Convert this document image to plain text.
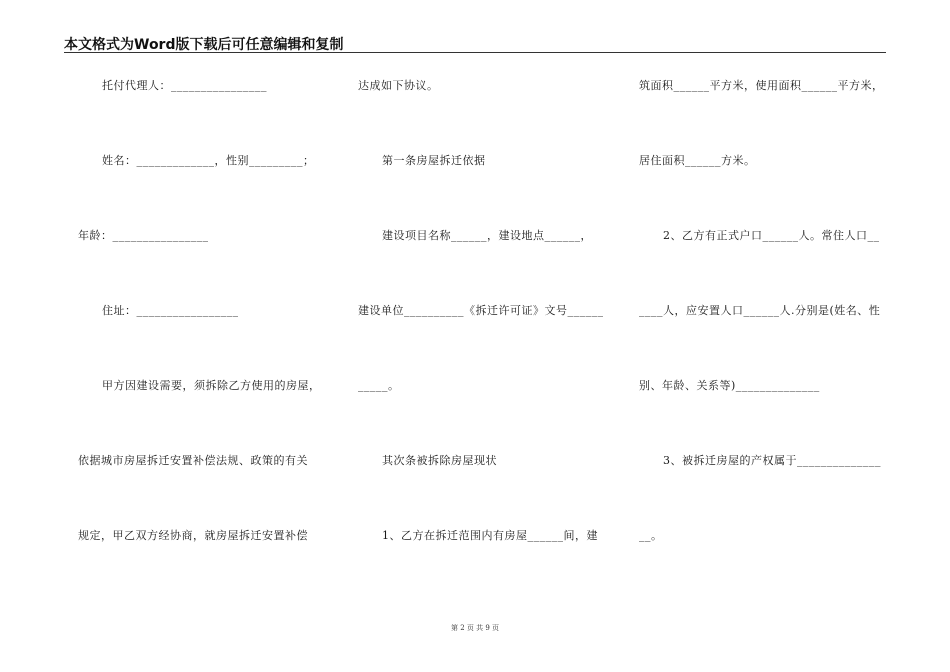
本文格式为Word版下载后可任意编辑和复制
托付代理人：________________
姓名：_____________，性别_________；
年龄：________________
住址：_________________
甲方因建设需要，须拆除乙方使用的房屋，
依据城市房屋拆迁安置补偿法规、政策的有关
规定，甲乙双方经协商，就房屋拆迁安置补偿
达成如下协议。
第一条房屋拆迁依据
建设项目名称______，建设地点______，
建设单位__________《拆迁许可证》文号______
_____。
其次条被拆除房屋现状
1、乙方在拆迁范围内有房屋______间，建
筑面积______平方米，使用面积______平方米，
居住面积______方米。
2、乙方有正式户口______人。常住人口__
____人，应安置人口______人.分别是(姓名、性
别、年龄、关系等)______________
3、被拆迁房屋的产权属于______________
__。
第 2 页 共 9 页
